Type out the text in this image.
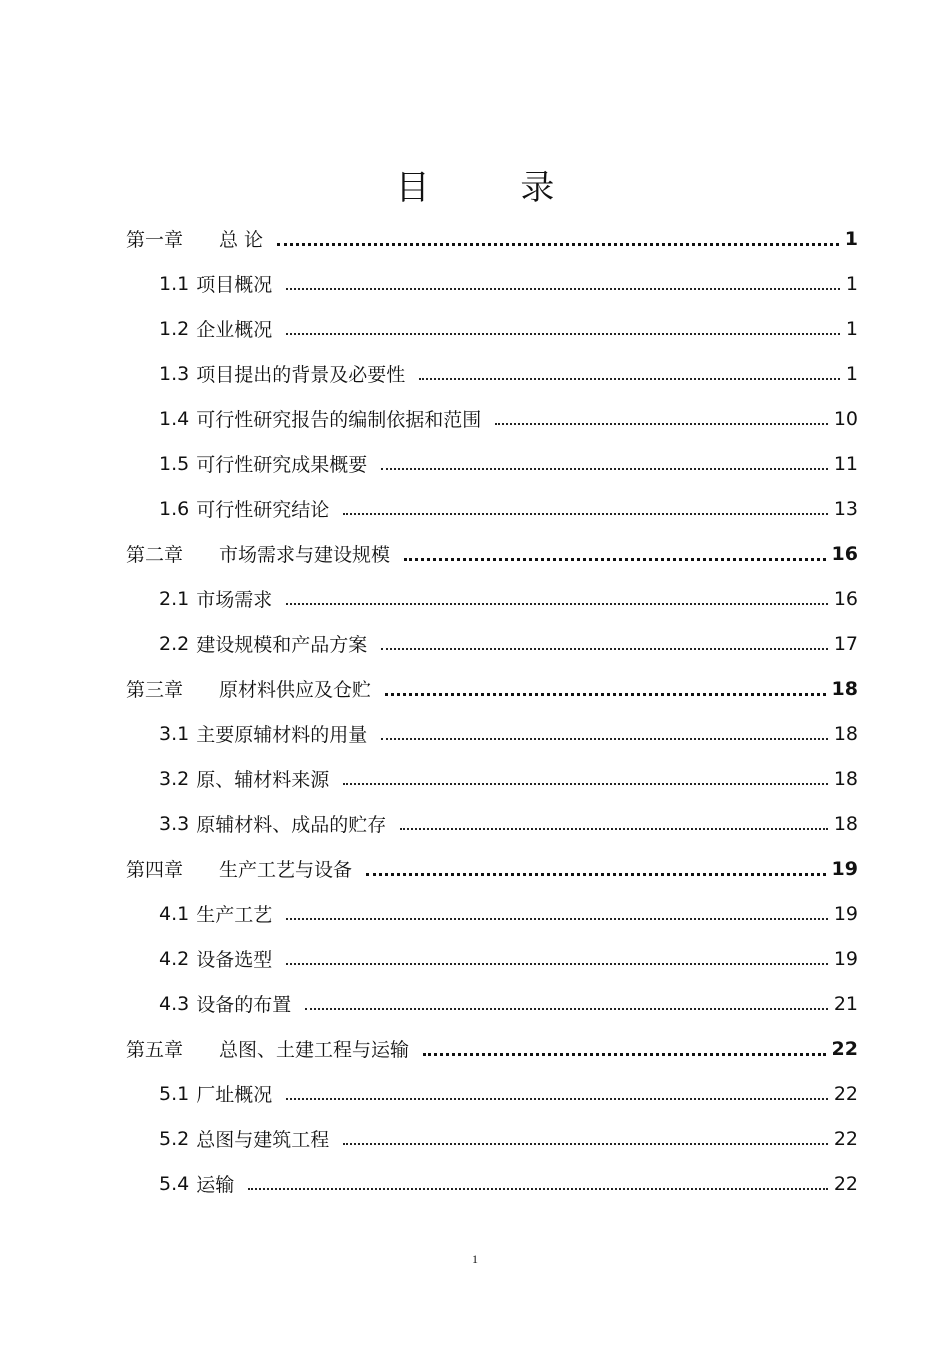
目 录
第一章 总 论	1
1.1 项目概况	1
1.2 企业概况	1
1.3 项目提出的背景及必要性	1
1.4 可行性研究报告的编制依据和范围	10
1.5 可行性研究成果概要	11
1.6 可行性研究结论	13
第二章 市场需求与建设规模	16
2.1 市场需求	16
2.2 建设规模和产品方案	17
第三章 原材料供应及仓贮	18
3.1 主要原辅材料的用量	18
3.2 原、辅材料来源	18
3.3 原辅材料、成品的贮存	18
第四章 生产工艺与设备	19
4.1 生产工艺	19
4.2 设备选型	19
4.3 设备的布置	21
第五章 总图、土建工程与运输	22
5.1 厂址概况	22
5.2 总图与建筑工程	22
5.4 运输	22
1
